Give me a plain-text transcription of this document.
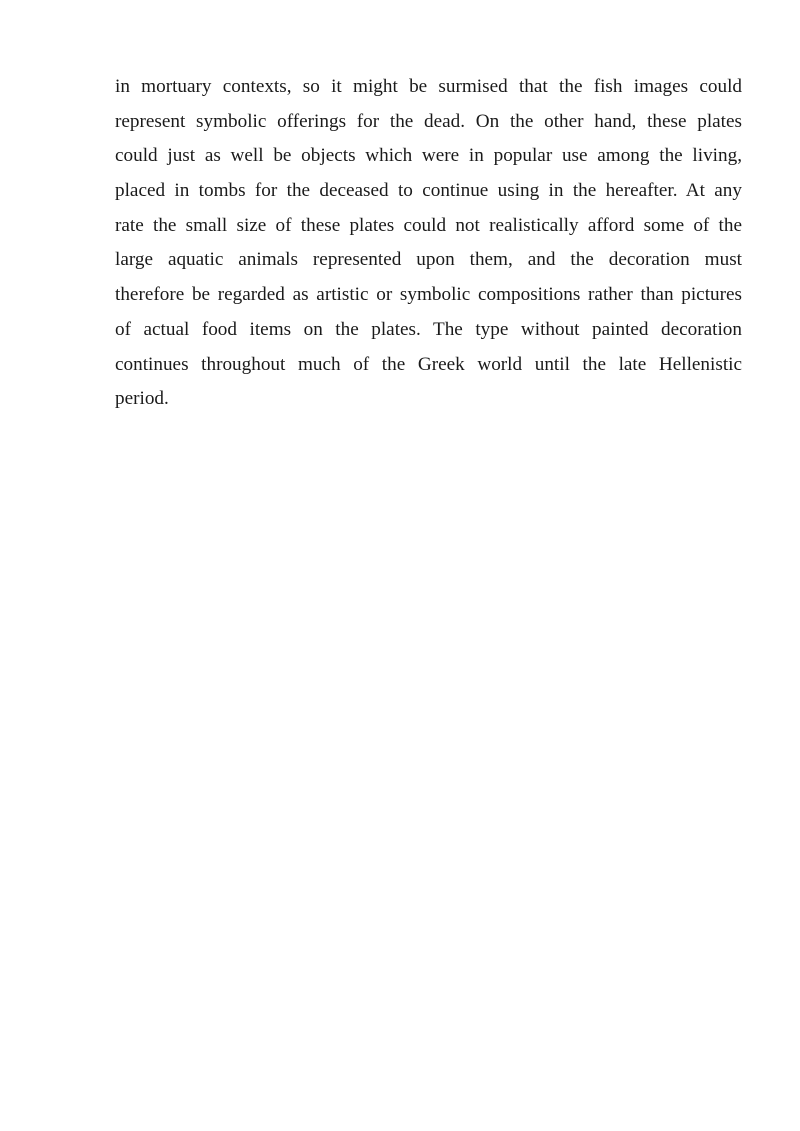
in mortuary contexts, so it might be surmised that the fish images could
represent symbolic offerings for the dead. On the other hand, these plates
could just as well be objects which were in popular use among the living,
placed in tombs for the deceased to continue using in the hereafter. At any
rate the small size of these plates could not realistically afford some of the
large aquatic animals represented upon them, and the decoration must
therefore be regarded as artistic or symbolic compositions rather than pictures
of actual food items on the plates. The type without painted decoration
continues throughout much of the Greek world until the late Hellenistic
period.
